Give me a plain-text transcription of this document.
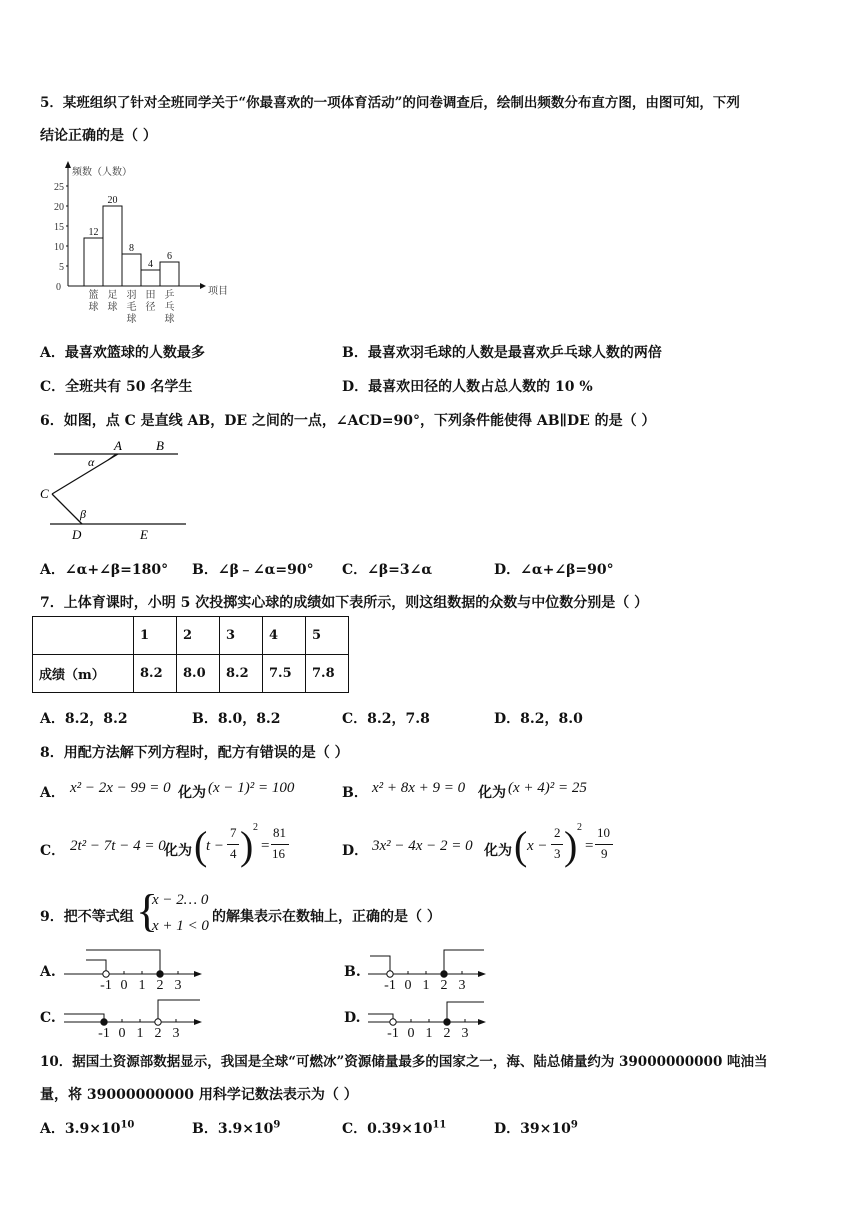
5．某班组织了针对全班同学关于“你最喜欢的一项体育活动”的问卷调查后，绘制出频数分布直方图，由图可知，下列
结论正确的是（ ）
频数（人数）
项目
0
5
10
15
20
25
12
篮
球
20
足
球
8
羽
毛
球
4
田
径
6
乒
乓
球
A．最喜欢篮球的人数最多	B．最喜欢羽毛球的人数是最喜欢乒乓球人数的两倍
C．全班共有 50 名学生	D．最喜欢田径的人数占总人数的 10 %
6．如图，点 C 是直线 AB，DE 之间的一点，∠ACD=90°，下列条件能使得 AB∥DE 的是（ ）
A	B
C
D	E
α
β
A．∠α+∠β=180° B．∠β﹣∠α=90° C．∠β=3∠α	D．∠α+∠β=90°
7．上体育课时，小明 5 次投掷实心球的成绩如下表所示，则这组数据的众数与中位数分别是（ ）
	1	2	3	4	5
成绩（m）	8.2	8.0	8.2	7.5	7.8
A．8.2，8.2	B．8.0，8.2	C．8.2，7.8	D．8.2，8.0
8．用配方法解下列方程时，配方有错误的是（ ）
A． x² − 2x − 99 = 0 化为 (x − 1)² = 100	B． x² + 8x + 9 = 0 化为 (x + 4)² = 25
C． 2t² − 7t − 4 = 0
化为 (
t −
7
4 ) 2
=
81
16	D． 3x² − 4x − 2 = 0 化为 ( x −
2
3 ) 2
=
10
9
9．把不等式组 {
x − 2… 0
x + 1 < 0
的解集表示在数轴上，正确的是（ ）
A.	B.
C.	D.
-1 0 1 2 3	-1 0 1 2 3
-1 0 1 2 3	-1 0 1 2 3
10．据国土资源部数据显示，我国是全球“可燃冰”资源储量最多的国家之一，海、陆总储量约为 39000000000 吨油当
量，将 39000000000 用科学记数法表示为（ ）
A．$3.9\times 10^{10}$	B．$3.9\times 10^9$	C．$0.39\times 10^{11}$	D．$39\times 10^9$
